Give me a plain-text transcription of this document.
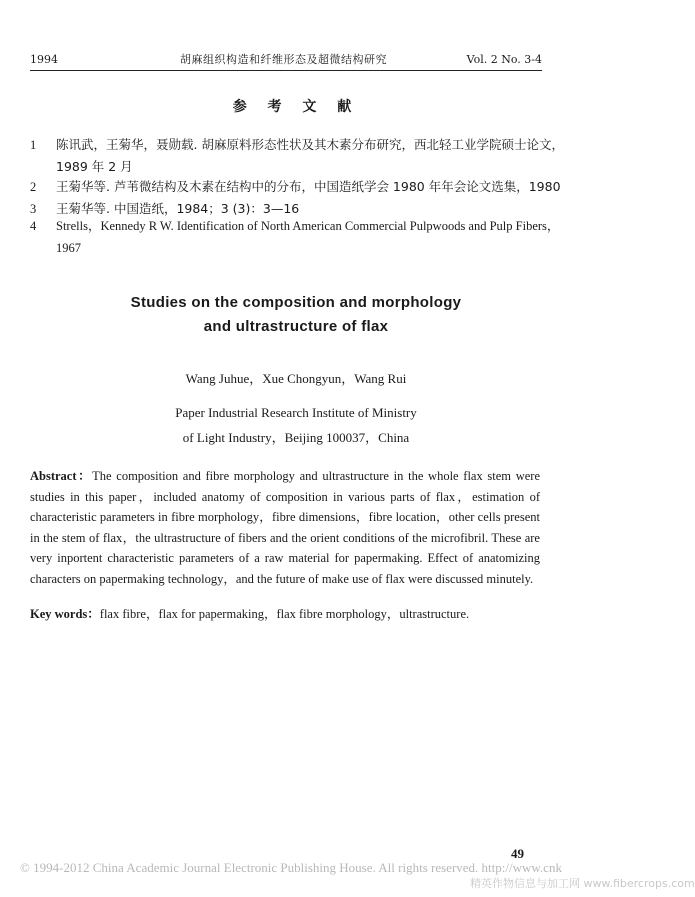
1994	胡麻组织构造和纤维形态及超微结构研究	Vol. 2 No. 3-4
参 考 文 献
1 陈讯武，王菊华，聂勋载. 胡麻原料形态性状及其木素分布研究，西北轻工业学院硕士论文，1989 年 2 月
2 王菊华等. 芦苇微结构及木素在结构中的分布，中国造纸学会 1980 年年会论文选集，1980
3 王菊华等. 中国造纸，1984；3 (3)：3—16
4 Strells，Kennedy R W. Identification of North American Commercial Pulpwoods and Pulp Fibers，1967
Studies on the composition and morphology
and ultrastructure of flax
Wang Juhue，Xue Chongyun，Wang Rui
Paper Industrial Research Institute of Ministry
of Light Industry，Beijing 100037，China
Abstract：The composition and fibre morphology and ultrastructure in the whole flax stem were studies in this paper，included anatomy of composition in various parts of flax，estimation of characteristic parameters in fibre morphology，fibre dimensions，fibre location，other cells present in the stem of flax，the ultrastructure of fibers and the orient conditions of the microfibril. These are very inportent characteristic parameters of a raw material for papermaking. Effect of anatomizing characters on papermaking technology，and the future of make use of flax were discussed minutely.
Key words：flax fibre，flax for papermaking，flax fibre morphology，ultrastructure.
49
© 1994-2012 China Academic Journal Electronic Publishing House. All rights reserved. http://www.cnk
精英作物信息与加工网 www.fibercrops.com
